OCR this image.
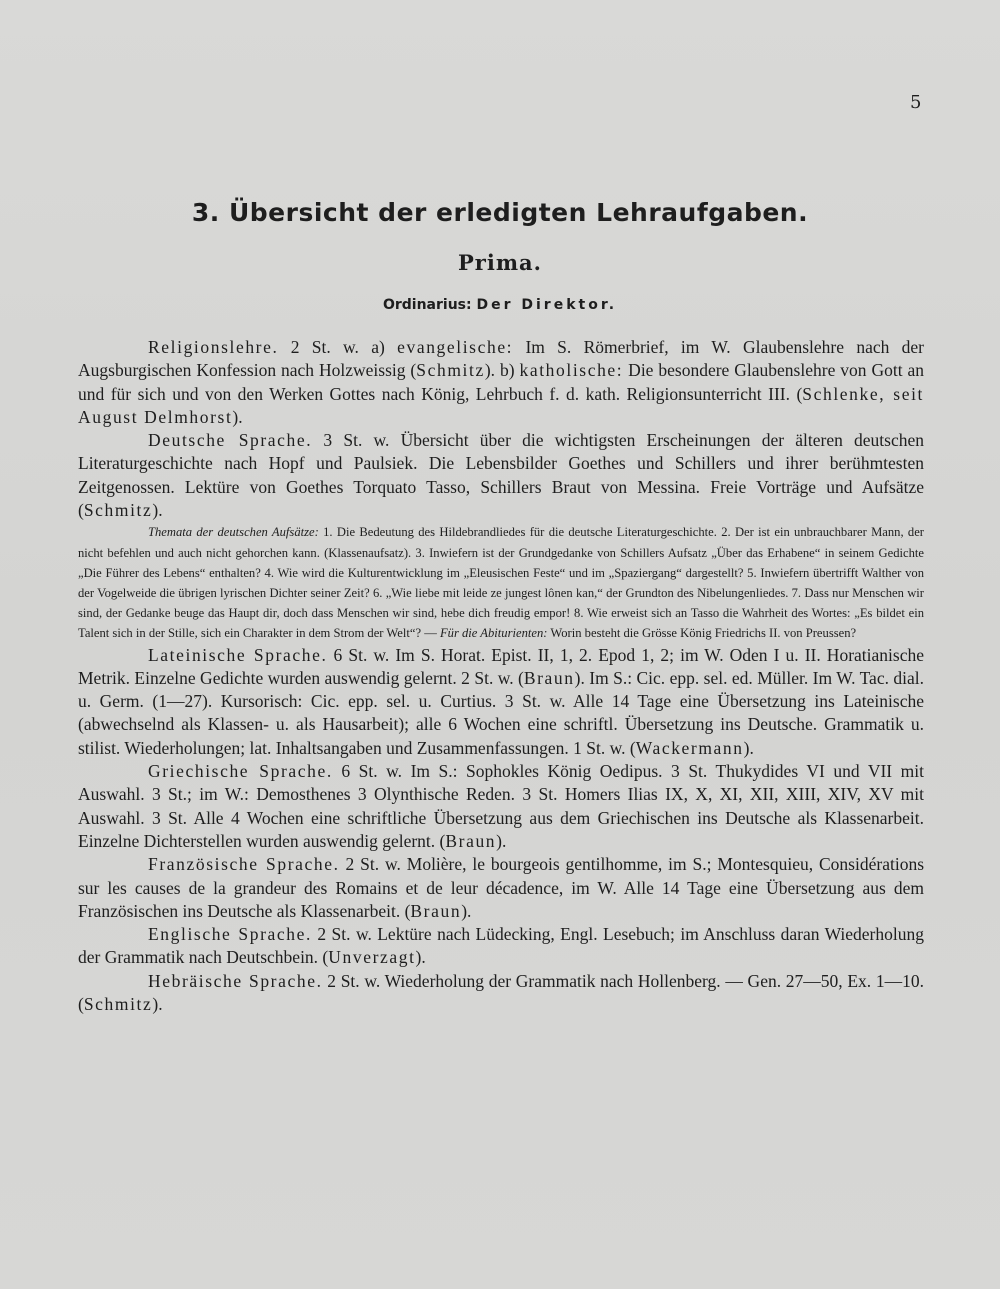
5
3. Übersicht der erledigten Lehraufgaben.
Prima.
Ordinarius: Der Direktor.

Religionslehre. 2 St. w. a) evangelische: Im S. Römerbrief, im W. Glaubenslehre nach der Augsburgischen Konfession nach Holzweissig (Schmitz). b) katholische: Die besondere Glaubenslehre von Gott an und für sich und von den Werken Gottes nach König, Lehrbuch f. d. kath. Religionsunterricht III. (Schlenke, seit August Delmhorst).

Deutsche Sprache. 3 St. w. Übersicht über die wichtigsten Erscheinungen der älteren deutschen Literaturgeschichte nach Hopf und Paulsiek. Die Lebensbilder Goethes und Schillers und ihrer berühmtesten Zeitgenossen. Lektüre von Goethes Torquato Tasso, Schillers Braut von Messina. Freie Vorträge und Aufsätze (Schmitz).

Themata der deutschen Aufsätze: 1. Die Bedeutung des Hildebrandliedes für die deutsche Literaturgeschichte. 2. Der ist ein unbrauchbarer Mann, der nicht befehlen und auch nicht gehorchen kann. (Klassenaufsatz). 3. Inwiefern ist der Grundgedanke von Schillers Aufsatz „Über das Erhabene“ in seinem Gedichte „Die Führer des Lebens“ enthalten? 4. Wie wird die Kulturentwicklung im „Eleusischen Feste“ und im „Spaziergang“ dargestellt? 5. Inwiefern übertrifft Walther von der Vogelweide die übrigen lyrischen Dichter seiner Zeit? 6. „Wie liebe mit leide ze jungest lônen kan,“ der Grundton des Nibelungenliedes. 7. Dass nur Menschen wir sind, der Gedanke beuge das Haupt dir, doch dass Menschen wir sind, hebe dich freudig empor! 8. Wie erweist sich an Tasso die Wahrheit des Wortes: „Es bildet ein Talent sich in der Stille, sich ein Charakter in dem Strom der Welt“? — Für die Abiturienten: Worin besteht die Grösse König Friedrichs II. von Preussen?

Lateinische Sprache. 6 St. w. Im S. Horat. Epist. II, 1, 2. Epod 1, 2; im W. Oden I u. II. Horatianische Metrik. Einzelne Gedichte wurden auswendig gelernt. 2 St. w. (Braun). Im S.: Cic. epp. sel. ed. Müller. Im W. Tac. dial. u. Germ. (1—27). Kursorisch: Cic. epp. sel. u. Curtius. 3 St. w. Alle 14 Tage eine Übersetzung ins Lateinische (abwechselnd als Klassen- u. als Hausarbeit); alle 6 Wochen eine schriftl. Übersetzung ins Deutsche. Grammatik u. stilist. Wiederholungen; lat. Inhaltsangaben und Zusammenfassungen. 1 St. w. (Wackermann).

Griechische Sprache. 6 St. w. Im S.: Sophokles König Oedipus. 3 St. Thukydides VI und VII mit Auswahl. 3 St.; im W.: Demosthenes 3 Olynthische Reden. 3 St. Homers Ilias IX, X, XI, XII, XIII, XIV, XV mit Auswahl. 3 St. Alle 4 Wochen eine schriftliche Übersetzung aus dem Griechischen ins Deutsche als Klassenarbeit. Einzelne Dichterstellen wurden auswendig gelernt. (Braun).

Französische Sprache. 2 St. w. Molière, le bourgeois gentilhomme, im S.; Montesquieu, Considérations sur les causes de la grandeur des Romains et de leur décadence, im W. Alle 14 Tage eine Übersetzung aus dem Französischen ins Deutsche als Klassenarbeit. (Braun).

Englische Sprache. 2 St. w. Lektüre nach Lüdecking, Engl. Lesebuch; im Anschluss daran Wiederholung der Grammatik nach Deutschbein. (Unverzagt).

Hebräische Sprache. 2 St. w. Wiederholung der Grammatik nach Hollenberg. — Gen. 27—50, Ex. 1—10. (Schmitz).
